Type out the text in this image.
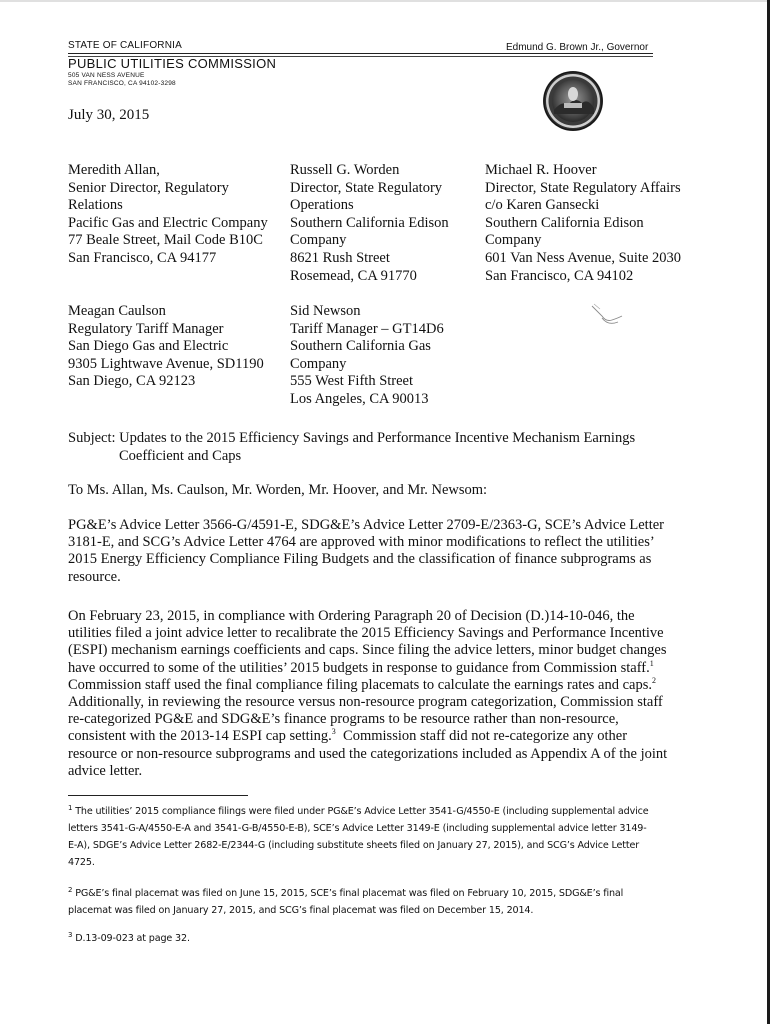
STATE OF CALIFORNIA	Edmund G. Brown Jr., Governor
PUBLIC UTILITIES COMMISSION
505 VAN NESS AVENUE
SAN FRANCISCO, CA 94102-3298
July 30, 2015
Meredith Allan,
Senior Director, Regulatory
Relations
Pacific Gas and Electric Company
77 Beale Street, Mail Code B10C
San Francisco, CA 94177
Russell G. Worden
Director, State Regulatory
Operations
Southern California Edison
Company
8621 Rush Street
Rosemead, CA 91770
Michael R. Hoover
Director, State Regulatory Affairs
c/o Karen Gansecki
Southern California Edison
Company
601 Van Ness Avenue, Suite 2030
San Francisco, CA 94102
Meagan Caulson
Regulatory Tariff Manager
San Diego Gas and Electric
9305 Lightwave Avenue, SD1190
San Diego, CA 92123
Sid Newson
Tariff Manager – GT14D6
Southern California Gas
Company
555 West Fifth Street
Los Angeles, CA 90013
Subject: Updates to the 2015 Efficiency Savings and Performance Incentive Mechanism Earnings
Coefficient and Caps
To Ms. Allan, Ms. Caulson, Mr. Worden, Mr. Hoover, and Mr. Newsom:
PG&E’s Advice Letter 3566-G/4591-E, SDG&E’s Advice Letter 2709-E/2363-G, SCE’s Advice Letter
3181-E, and SCG’s Advice Letter 4764 are approved with minor modifications to reflect the utilities’
2015 Energy Efficiency Compliance Filing Budgets and the classification of finance subprograms as
resource.
On February 23, 2015, in compliance with Ordering Paragraph 20 of Decision (D.)14-10-046, the
utilities filed a joint advice letter to recalibrate the 2015 Efficiency Savings and Performance Incentive
(ESPI) mechanism earnings coefficients and caps. Since filing the advice letters, minor budget changes
have occurred to some of the utilities’ 2015 budgets in response to guidance from Commission staff.$^1$
Commission staff used the final compliance filing placemats to calculate the earnings rates and caps.$^2$
Additionally, in reviewing the resource versus non-resource program categorization, Commission staff
re-categorized PG&E and SDG&E’s finance programs to be resource rather than non-resource,
consistent with the 2013-14 ESPI cap setting.$^3$  Commission staff did not re-categorize any other
resource or non-resource subprograms and used the categorizations included as Appendix A of the joint
advice letter.
$^1$ The utilities’ 2015 compliance filings were filed under PG&E’s Advice Letter 3541-G/4550-E (including supplemental advice
letters 3541-G-A/4550-E-A and 3541-G-B/4550-E-B), SCE’s Advice Letter 3149-E (including supplemental advice letter 3149-
E-A), SDGE’s Advice Letter 2682-E/2344-G (including substitute sheets filed on January 27, 2015), and SCG’s Advice Letter
4725.
$^2$ PG&E’s final placemat was filed on June 15, 2015, SCE’s final placemat was filed on February 10, 2015, SDG&E’s final
placemat was filed on January 27, 2015, and SCG’s final placemat was filed on December 15, 2014.
$^3$ D.13-09-023 at page 32.
